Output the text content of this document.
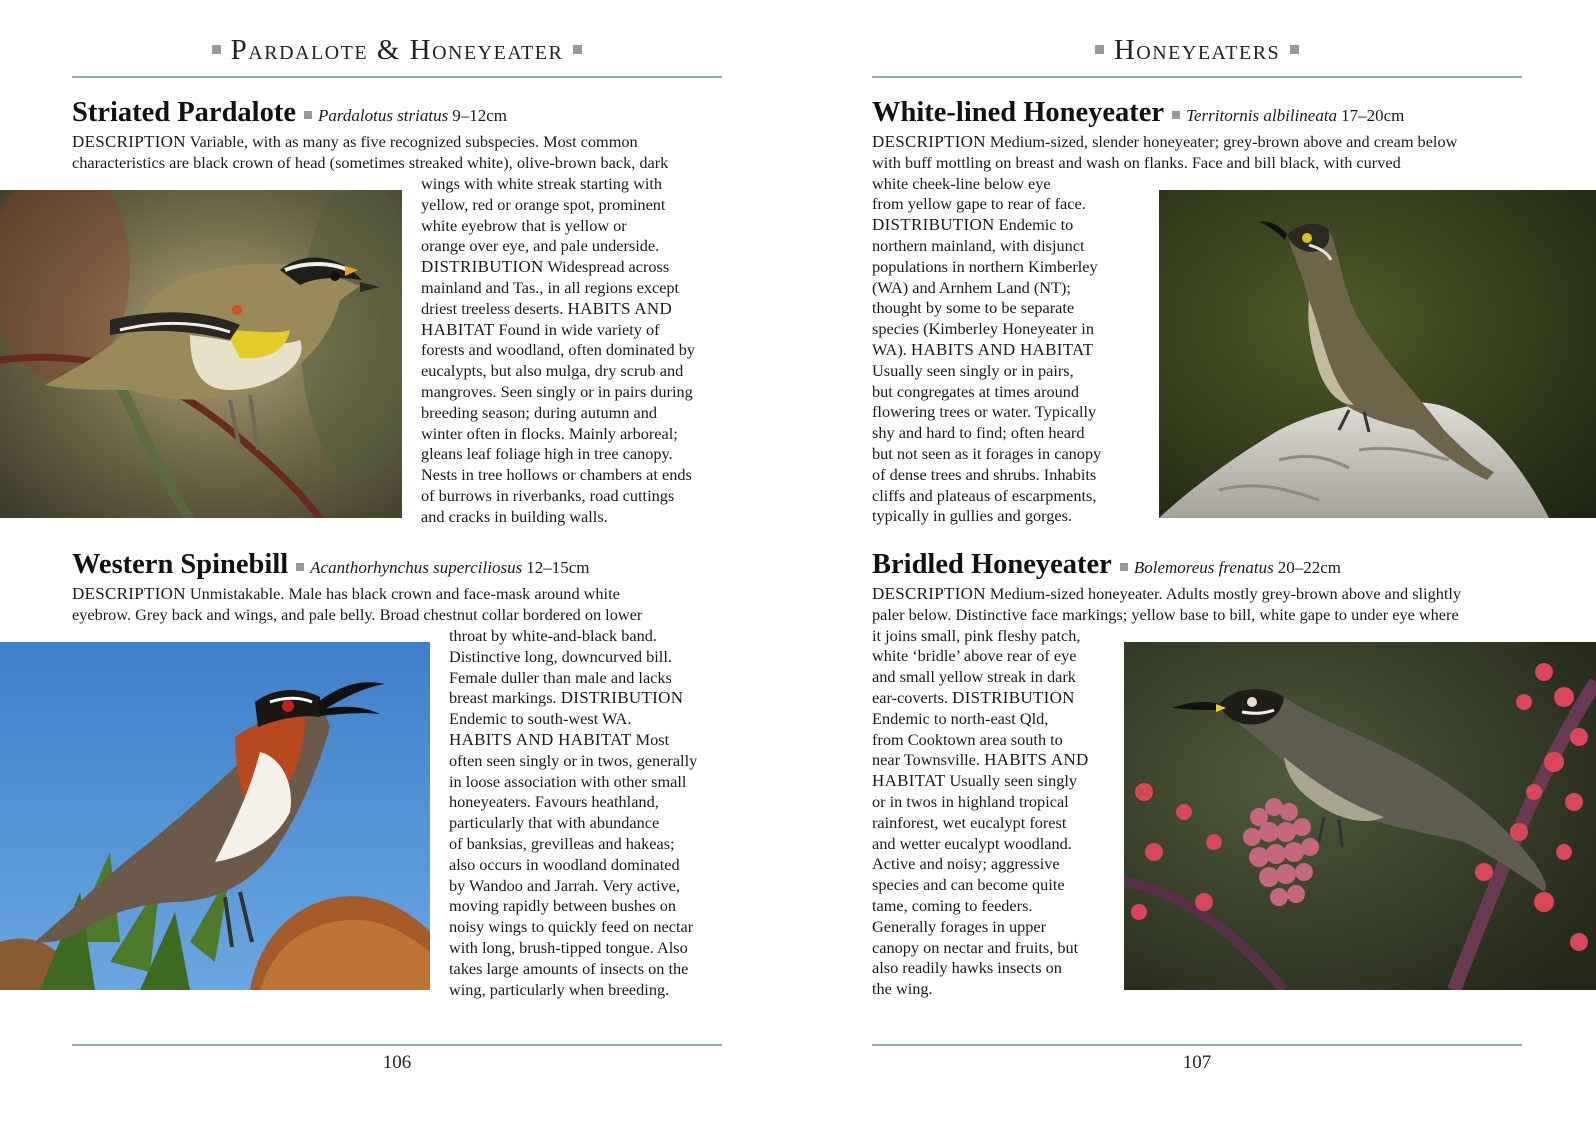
Pardalote & Honeyeater
Striated Pardalote Pardalotus striatus 9–12cm
DESCRIPTION Variable, with as many as five recognized subspecies. Most common
characteristics are black crown of head (sometimes streaked white), olive-brown back, dark
wings with white streak starting with
yellow, red or orange spot, prominent
white eyebrow that is yellow or
orange over eye, and pale underside.
DISTRIBUTION Widespread across
mainland and Tas., in all regions except
driest treeless deserts. HABITS AND
HABITAT Found in wide variety of
forests and woodland, often dominated by
eucalypts, but also mulga, dry scrub and
mangroves. Seen singly or in pairs during
breeding season; during autumn and
winter often in flocks. Mainly arboreal;
gleans leaf foliage high in tree canopy.
Nests in tree hollows or chambers at ends
of burrows in riverbanks, road cuttings
and cracks in building walls.
Western Spinebill Acanthorhynchus superciliosus 12–15cm
DESCRIPTION Unmistakable. Male has black crown and face-mask around white
eyebrow. Grey back and wings, and pale belly. Broad chestnut collar bordered on lower
throat by white-and-black band.
Distinctive long, downcurved bill.
Female duller than male and lacks
breast markings. DISTRIBUTION
Endemic to south-west WA.
HABITS AND HABITAT Most
often seen singly or in twos, generally
in loose association with other small
honeyeaters. Favours heathland,
particularly that with abundance
of banksias, grevilleas and hakeas;
also occurs in woodland dominated
by Wandoo and Jarrah. Very active,
moving rapidly between bushes on
noisy wings to quickly feed on nectar
with long, brush-tipped tongue. Also
takes large amounts of insects on the
wing, particularly when breeding.
106
Honeyeaters
White-lined Honeyeater Territornis albilineata 17–20cm
DESCRIPTION Medium-sized, slender honeyeater; grey-brown above and cream below
with buff mottling on breast and wash on flanks. Face and bill black, with curved
white cheek-line below eye
from yellow gape to rear of face.
DISTRIBUTION Endemic to
northern mainland, with disjunct
populations in northern Kimberley
(WA) and Arnhem Land (NT);
thought by some to be separate
species (Kimberley Honeyeater in
WA). HABITS AND HABITAT
Usually seen singly or in pairs,
but congregates at times around
flowering trees or water. Typically
shy and hard to find; often heard
but not seen as it forages in canopy
of dense trees and shrubs. Inhabits
cliffs and plateaus of escarpments,
typically in gullies and gorges.
Bridled Honeyeater Bolemoreus frenatus 20–22cm
DESCRIPTION Medium-sized honeyeater. Adults mostly grey-brown above and slightly
paler below. Distinctive face markings; yellow base to bill, white gape to under eye where
it joins small, pink fleshy patch,
white ‘bridle’ above rear of eye
and small yellow streak in dark
ear-coverts. DISTRIBUTION
Endemic to north-east Qld,
from Cooktown area south to
near Townsville. HABITS AND
HABITAT Usually seen singly
or in twos in highland tropical
rainforest, wet eucalypt forest
and wetter eucalypt woodland.
Active and noisy; aggressive
species and can become quite
tame, coming to feeders.
Generally forages in upper
canopy on nectar and fruits, but
also readily hawks insects on
the wing.
107
